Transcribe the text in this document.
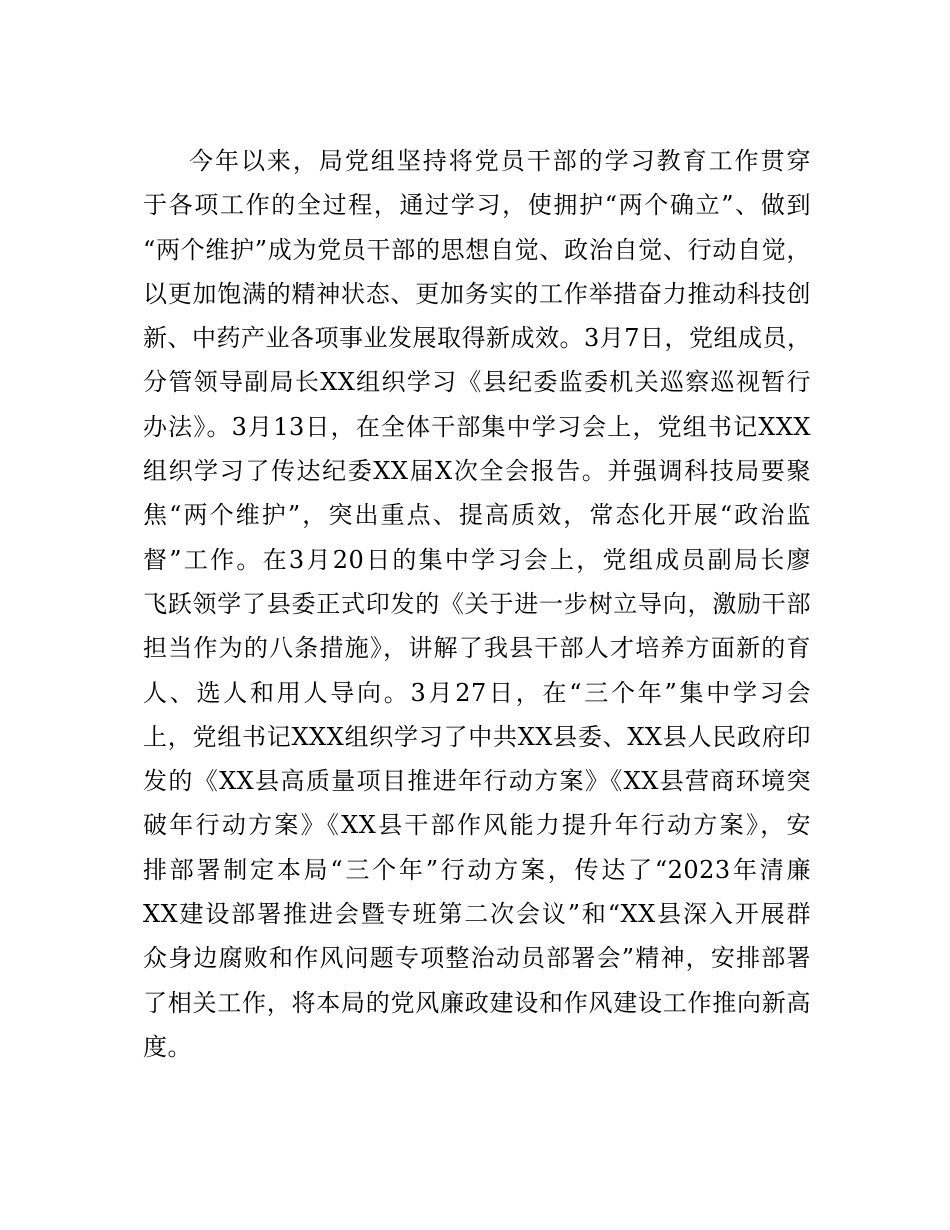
今年以来，局党组坚持将党员干部的学习教育工作贯穿
于各项工作的全过程，通过学习，使拥护“两个确立”、做到
“两个维护”成为党员干部的思想自觉、政治自觉、行动自觉，
以更加饱满的精神状态、更加务实的工作举措奋力推动科技创
新、中药产业各项事业发展取得新成效。3月7日，党组成员，
分管领导副局长XX组织学习《县纪委监委机关巡察巡视暂行
办法》。3月13日，在全体干部集中学习会上，党组书记XXX
组织学习了传达纪委XX届X次全会报告。并强调科技局要聚
焦“两个维护”，突出重点、提高质效，常态化开展“政治监
督”工作。在3月20日的集中学习会上，党组成员副局长廖
飞跃领学了县委正式印发的《关于进一步树立导向，激励干部
担当作为的八条措施》，讲解了我县干部人才培养方面新的育
人、选人和用人导向。3月27日，在“三个年”集中学习会
上，党组书记XXX组织学习了中共XX县委、XX县人民政府印
发的《XX县高质量项目推进年行动方案》《XX县营商环境突
破年行动方案》《XX县干部作风能力提升年行动方案》，安
排部署制定本局“三个年”行动方案，传达了“2023年清廉
XX建设部署推进会暨专班第二次会议”和“XX县深入开展群
众身边腐败和作风问题专项整治动员部署会”精神，安排部署
了相关工作，将本局的党风廉政建设和作风建设工作推向新高
度。
